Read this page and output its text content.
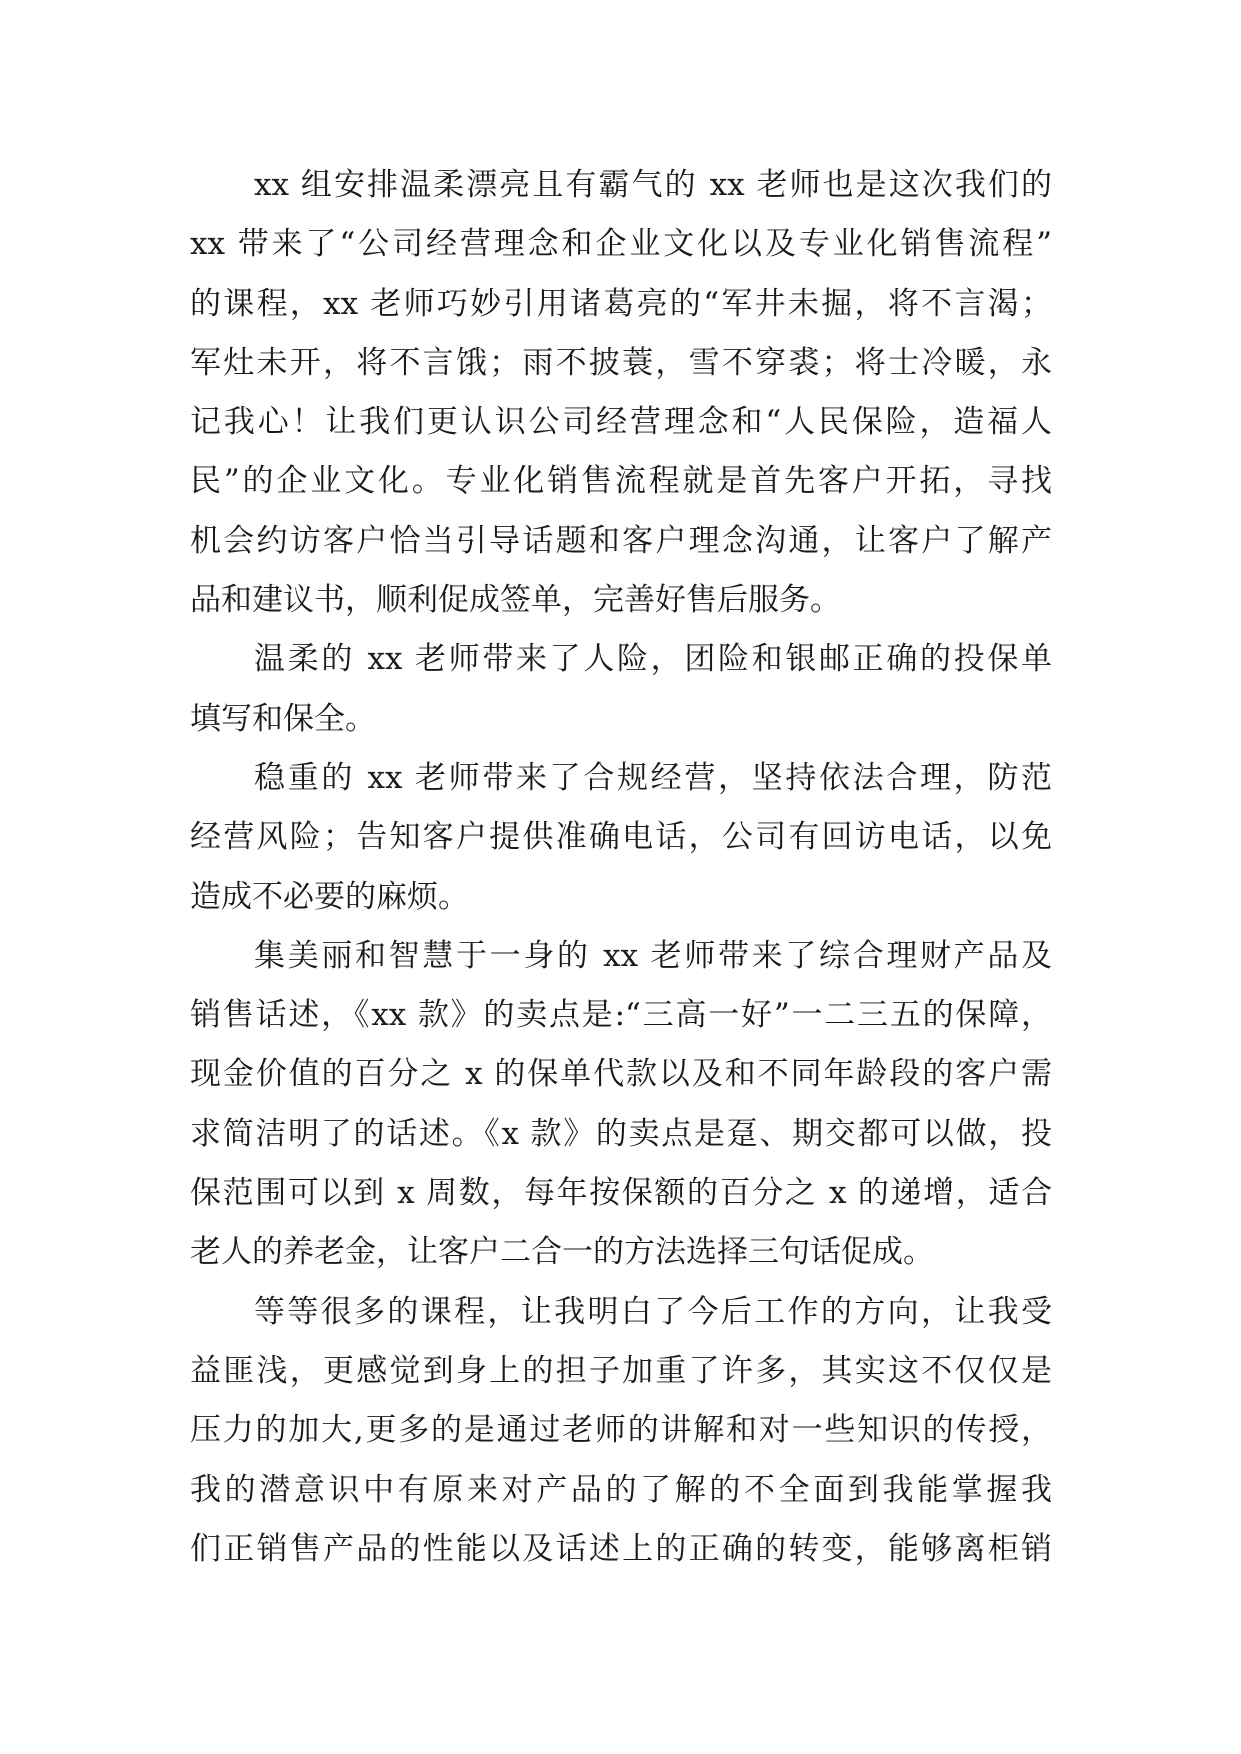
xx 组安排温柔漂亮且有霸气的 xx 老师也是这次我们的
xx 带来了“公司经营理念和企业文化以及专业化销售流程”
的课程，xx 老师巧妙引用诸葛亮的“军井未掘，将不言渴；
军灶未开，将不言饿；雨不披蓑，雪不穿裘；将士冷暖，永
记我心！让我们更认识公司经营理念和“人民保险，造福人
民”的企业文化。专业化销售流程就是首先客户开拓，寻找
机会约访客户恰当引导话题和客户理念沟通，让客户了解产
品和建议书，顺利促成签单，完善好售后服务。
温柔的 xx 老师带来了人险，团险和银邮正确的投保单
填写和保全。
稳重的 xx 老师带来了合规经营，坚持依法合理，防范
经营风险；告知客户提供准确电话，公司有回访电话，以免
造成不必要的麻烦。
集美丽和智慧于一身的 xx 老师带来了综合理财产品及
销售话述，《xx 款》的卖点是:“三高一好”一二三五的保障，
现金价值的百分之 x 的保单代款以及和不同年龄段的客户需
求简洁明了的话述。《x 款》的卖点是趸、期交都可以做，投
保范围可以到 x 周数，每年按保额的百分之 x 的递增，适合
老人的养老金，让客户二合一的方法选择三句话促成。
等等很多的课程，让我明白了今后工作的方向，让我受
益匪浅，更感觉到身上的担子加重了许多，其实这不仅仅是
压力的加大,更多的是通过老师的讲解和对一些知识的传授，
我的潜意识中有原来对产品的了解的不全面到我能掌握我
们正销售产品的性能以及话述上的正确的转变，能够离柜销
